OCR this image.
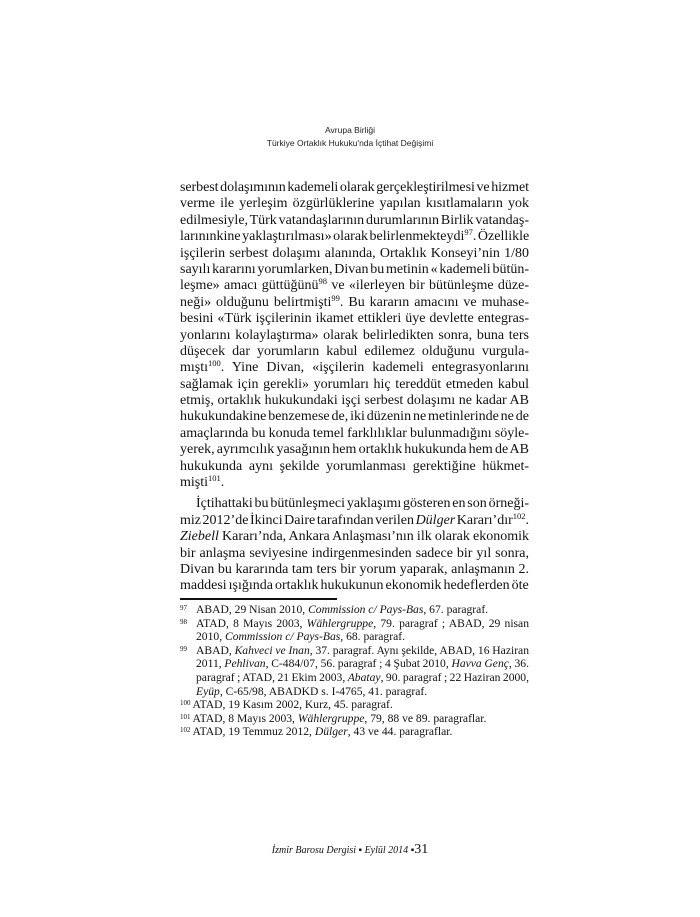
Avrupa Birliği
Türkiye Ortaklık Hukuku'nda İçtihat Değişimi
serbest dolaşımının kademeli olarak gerçekleştirilmesi ve hizmet
verme ile yerleşim özgürlüklerine yapılan kısıtlamaların yok
edilmesiyle, Türk vatandaşlarının durumlarının Birlik vatandaş-
larınınkine yaklaştırılması» olarak belirlenmekteydi$^{97}$. Özellikle
işçilerin serbest dolaşımı alanında, Ortaklık Konseyi’nin 1/80
sayılı kararını yorumlarken, Divan bu metinin « kademeli bütün-
leşme» amacı güttüğünü$^{98}$ ve «ilerleyen bir bütünleşme düze-
neği» olduğunu belirtmişti$^{99}$. Bu kararın amacını ve muhase-
besini «Türk işçilerinin ikamet ettikleri üye devlette entegras-
yonlarını kolaylaştırma» olarak belirledikten sonra, buna ters
düşecek dar yorumların kabul edilemez olduğunu vurgula-
mıştı$^{100}$. Yine Divan, «işçilerin kademeli entegrasyonlarını
sağlamak için gerekli» yorumları hiç tereddüt etmeden kabul
etmiş, ortaklık hukukundaki işçi serbest dolaşımı ne kadar AB
hukukundakine benzemese de, iki düzenin ne metinlerinde ne de
amaçlarında bu konuda temel farklılıklar bulunmadığını söyle-
yerek, ayrımcılık yasağının hem ortaklık hukukunda hem de AB
hukukunda aynı şekilde yorumlanması gerektiğine hükmet-
mişti$^{101}$.
İçtihattaki bu bütünleşmeci yaklaşımı gösteren en son örneği-
miz 2012’de İkinci Daire tarafından verilen Dülger Kararı’dır$^{102}$.
Ziebell Kararı’nda, Ankara Anlaşması’nın ilk olarak ekonomik
bir anlaşma seviyesine indirgenmesinden sadece bir yıl sonra,
Divan bu kararında tam ters bir yorum yaparak, anlaşmanın 2.
maddesi ışığında ortaklık hukukunun ekonomik hedeflerden öte
97 ABAD, 29 Nisan 2010, Commission c/ Pays-Bas, 67. paragraf.
98 ATAD, 8 Mayıs 2003, Wählergruppe, 79. paragraf ; ABAD, 29 nisan
2010, Commission c/ Pays-Bas, 68. paragraf.
99 ABAD, Kahveci ve Inan, 37. paragraf. Aynı şekilde, ABAD, 16 Haziran
2011, Pehlivan, C-484/07, 56. paragraf ; 4 Şubat 2010, Havva Genç, 36.
paragraf ; ATAD, 21 Ekim 2003, Abatay, 90. paragraf ; 22 Haziran 2000,
Eyüp, C-65/98, ABADKD s. I-4765, 41. paragraf.
100 ATAD, 19 Kasım 2002, Kurz, 45. paragraf.
101 ATAD, 8 Mayıs 2003, Wählergruppe, 79, 88 ve 89. paragraflar.
102 ATAD, 19 Temmuz 2012, Dülger, 43 ve 44. paragraflar.
İzmir Barosu Dergisi ▪ Eylül 2014 ▪31
